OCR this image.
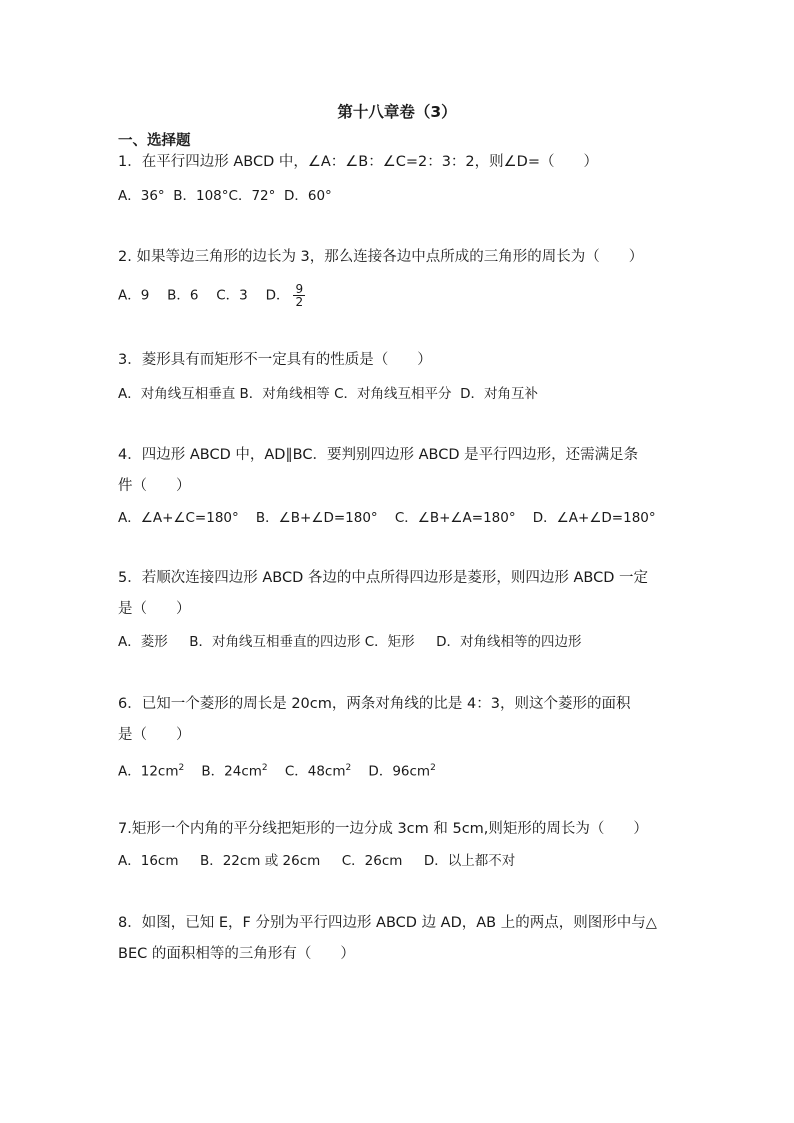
第十八章卷（3）
一、选择题
1．在平行四边形 ABCD 中，∠A：∠B：∠C=2：3：2，则∠D=（　　）
A．36°  B．108°C．72°  D．60°
2. 如果等边三角形的边长为 3，那么连接各边中点所成的三角形的周长为（　　）
A．9　 B．6　 C．3　 D． $\frac{9}{2}$
3．菱形具有而矩形不一定具有的性质是（　　）
A．对角线互相垂直 B．对角线相等 C．对角线互相平分  D．对角互补
4．四边形 ABCD 中，AD∥BC．要判别四边形 ABCD 是平行四边形，还需满足条
件（　　）
A．∠A+∠C=180°    B．∠B+∠D=180°    C．∠B+∠A=180°    D．∠A+∠D=180°
5．若顺次连接四边形 ABCD 各边的中点所得四边形是菱形，则四边形 ABCD 一定
是（　　）
A．菱形     B．对角线互相垂直的四边形 C．矩形     D．对角线相等的四边形
6．已知一个菱形的周长是 20cm，两条对角线的比是 4：3，则这个菱形的面积
是（　　）
A．$12cm^2$ B．$24cm^2$ C．$48cm^2$ D．$96cm^2$
7.矩形一个内角的平分线把矩形的一边分成 3cm 和 5cm,则矩形的周长为（　　）
A．16cm     B．22cm 或 26cm     C．26cm     D．以上都不对
8．如图，已知 E，F 分别为平行四边形 ABCD 边 AD，AB 上的两点，则图形中与△
BEC 的面积相等的三角形有（　　）
